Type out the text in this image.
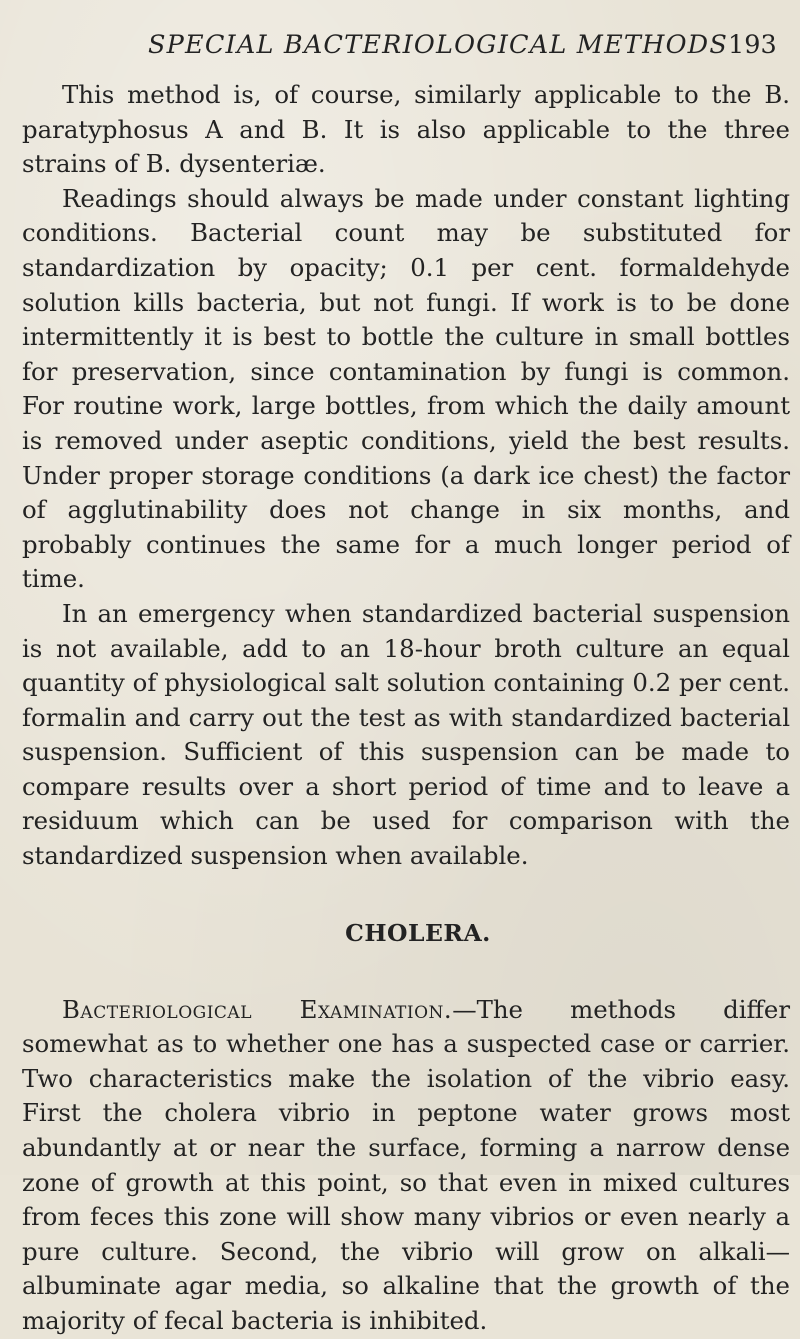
SPECIAL BACTERIOLOGICAL METHODS 193

This method is, of course, similarly applicable to the B. paratyphosus A and B. It is also applicable to the three strains of B. dysenteriæ.

Readings should always be made under constant lighting conditions. Bacterial count may be substituted for standardization by opacity; 0.1 per cent. formaldehyde solution kills bacteria, but not fungi. If work is to be done intermittently it is best to bottle the culture in small bottles for preservation, since contamination by fungi is common. For routine work, large bottles, from which the daily amount is removed under aseptic conditions, yield the best results. Under proper storage conditions (a dark ice chest) the factor of agglutinability does not change in six months, and probably continues the same for a much longer period of time.

In an emergency when standardized bacterial suspension is not available, add to an 18-hour broth culture an equal quantity of physiological salt solution containing 0.2 per cent. formalin and carry out the test as with standardized bacterial suspension. Sufficient of this suspension can be made to compare results over a short period of time and to leave a residuum which can be used for comparison with the standardized suspension when available.

CHOLERA.

Bacteriological Examination.—The methods differ somewhat as to whether one has a suspected case or carrier. Two characteristics make the isolation of the vibrio easy. First the cholera vibrio in peptone water grows most abundantly at or near the surface, forming a narrow dense zone of growth at this point, so that even in mixed cultures from feces this zone will show many vibrios or even nearly a pure culture. Second, the vibrio will grow on alkali—albuminate agar media, so alkaline that the growth of the majority of fecal bacteria is inhibited.
